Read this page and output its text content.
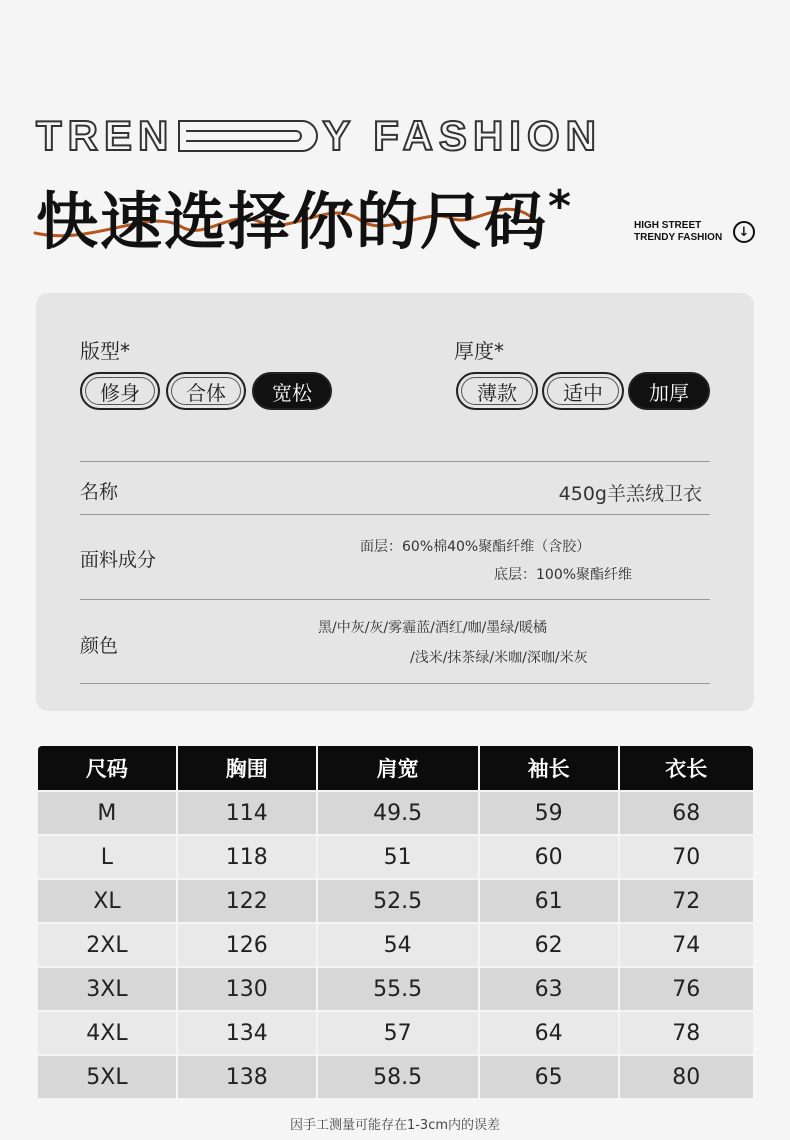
TREN	Y FASHION
快速选择你的尺码*	HIGH STREET
TRENDY FASHION	↓
版型*
修身	合体	宽松
厚度*
薄款	适中	加厚
名称	450g羊羔绒卫衣
面料成分
面层：60%棉40%聚酯纤维（含胶）
底层：100%聚酯纤维
颜色
黑/中灰/灰/雾霾蓝/酒红/咖/墨绿/暖橘
/浅米/抹茶绿/米咖/深咖/米灰
尺码	胸围	肩宽	袖长	衣长
M	114	49.5	59	68
L	118	51	60	70
XL	122	52.5	61	72
2XL	126	54	62	74
3XL	130	55.5	63	76
4XL	134	57	64	78
5XL	138	58.5	65	80
因手工测量可能存在1-3cm内的误差
